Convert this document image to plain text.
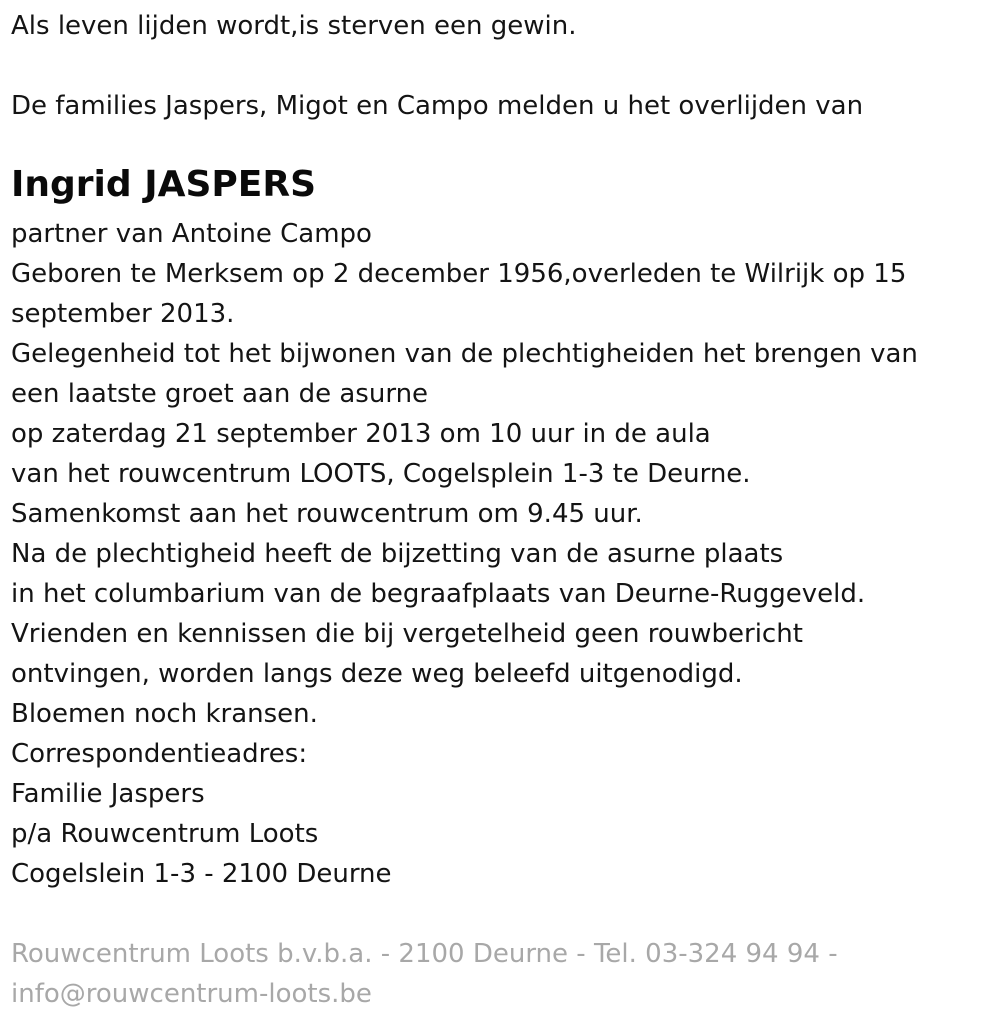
Als leven lijden wordt,is sterven een gewin.

De families Jaspers, Migot en Campo melden u het overlijden van

Ingrid JASPERS

partner van Antoine Campo

Geboren te Merksem op 2 december 1956,overleden te Wilrijk op 15

september 2013.

Gelegenheid tot het bijwonen van de plechtigheiden het brengen van

een laatste groet aan de asurne

op zaterdag 21 september 2013 om 10 uur in de aula

van het rouwcentrum LOOTS, Cogelsplein 1-3 te Deurne.

Samenkomst aan het rouwcentrum om 9.45 uur.

Na de plechtigheid heeft de bijzetting van de asurne plaats

in het columbarium van de begraafplaats van Deurne-Ruggeveld.

Vrienden en kennissen die bij vergetelheid geen rouwbericht

ontvingen, worden langs deze weg beleefd uitgenodigd.

Bloemen noch kransen.

Correspondentieadres:

Familie Jaspers

p/a Rouwcentrum Loots

Cogelslein 1-3 - 2100 Deurne

Rouwcentrum Loots b.v.b.a. - 2100 Deurne - Tel. 03-324 94 94 -

info@rouwcentrum-loots.be
